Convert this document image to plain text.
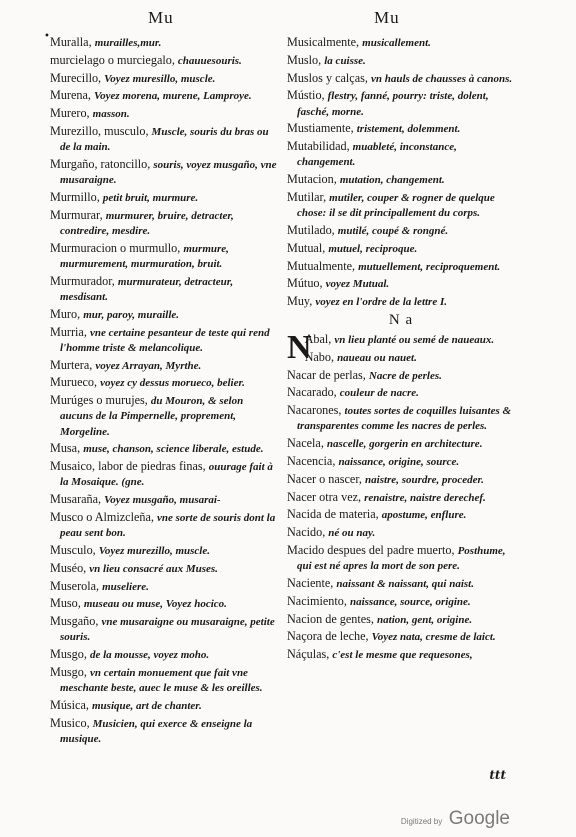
Mu	Mu
• Muralla, murailles,mur.
murcielago o murciegalo, chauuesouris.
Murecillo, Voyez muresillo, muscle.
Murena, Voyez morena, murene, Lamproye.
Murero, masson.
Murezillo, musculo, Muscle, souris du bras ou de la main.
Murgaño, ratoncillo, souris, voyez musgaño, vne musaraigne.
Murmillo, petit bruit, murmure.
Murmurar, murmurer, bruire, detracter, contredire, mesdire.
Murmuracion o murmullo, murmure, murmurement, murmuration, bruit.
Murmurador, murmurateur, detracteur, mesdisant.
Muro, mur, paroy, muraille.
Murria, vne certaine pesanteur de teste qui rend l'homme triste & melancolique.
Murtera, voyez Arrayan, Myrthe.
Murueco, voyez cy dessus morueco, belier.
Murúges o murujes, du Mouron, & selon aucuns de la Pimpernelle, proprement, Morgeline.
Musa, muse, chanson, science liberale, estude.
Musaico, labor de piedras finas, ouurage fait à la Mosaique. (gne.
Musaraña, Voyez musgaño, musarai-
Musco o Almizcleña, vne sorte de souris dont la peau sent bon.
Musculo, Voyez murezillo, muscle.
Muséo, vn lieu consacré aux Muses.
Muserola, museliere.
Muso, museau ou muse, Voyez hocico.
Musgaño, vne musaraigne ou musaraigne, petite souris.
Musgo, de la mousse, voyez moho.
Musgo, vn certain monuement que fait vne meschante beste, auec le muse & les oreilles.
Música, musique, art de chanter.
Musico, Musicien, qui exerce & enseigne la musique.
Musicalmente, musicallement.
Muslo, la cuisse.
Muslos y calças, vn hauls de chausses à canons.
Mústio, flestry, fanné, pourry: triste, dolent, fasché, morne.
Mustiamente, tristement, dolemment.
Mutabilidad, muableté, inconstance, changement.
Mutacion, mutation, changement.
Mutilar, mutiler, couper & rogner de quelque chose: il se dit principallement du corps.
Mutilado, mutilé, coupé & rongné.
Mutual, mutuel, reciproque.
Mutualmente, mutuellement, reciproquement.
Mútuo, voyez Mutual.
Muy, voyez en l'ordre de la lettre I.
N a
N
Abal, vn lieu planté ou semé de naueaux.
Nabo, naueau ou nauet.
Nacar de perlas, Nacre de perles.
Nacarado, couleur de nacre.
Nacarones, toutes sortes de coquilles luisantes & transparentes comme les nacres de perles.
Nacela, nascelle, gorgerin en architecture.
Nacencia, naissance, origine, source.
Nacer o nascer, naistre, sourdre, proceder.
Nacer otra vez, renaistre, naistre derechef.
Nacida de materia, apostume, enflure.
Nacido, né ou nay.
Macido despues del padre muerto, Posthume, qui est né apres la mort de son pere.
Naciente, naissant & naissant, qui naist.
Nacimiento, naissance, source, origine.
Nacion de gentes, nation, gent, origine.
Naçora de leche, Voyez nata, cresme de laict.
Náçulas, c'est le mesme que requesones,
ttt
Digitized by Google
